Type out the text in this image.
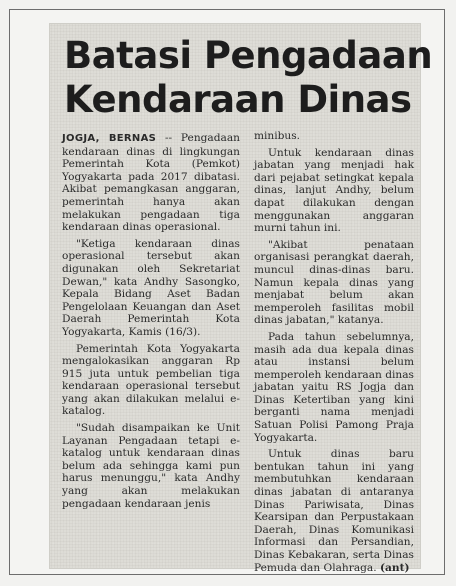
Batasi Pengadaan
Kendaraan Dinas

JOGJA, BERNAS -- Pengadaan kendaraan dinas di lingkungan Pemerintah Kota (Pemkot) Yogyakarta pada 2017 dibatasi. Akibat pemangkasan anggaran, pemerintah hanya akan melakukan pengadaan tiga kendaraan dinas operasional.

"Ketiga kendaraan dinas operasional tersebut akan digunakan oleh Sekretariat Dewan," kata Andhy Sasongko, Kepala Bidang Aset Badan Pengelolaan Keuangan dan Aset Daerah Pemerintah Kota Yogyakarta, Kamis (16/3).

Pemerintah Kota Yogyakarta mengalokasikan anggaran Rp 915 juta untuk pembelian tiga kendaraan operasional tersebut yang akan dilakukan melalui e-katalog.

"Sudah disampaikan ke Unit Layanan Pengadaan tetapi e-katalog untuk kendaraan dinas belum ada sehingga kami pun harus menunggu," kata Andhy yang akan melakukan pengadaan kendaraan jenis

minibus.

Untuk kendaraan dinas jabatan yang menjadi hak dari pejabat setingkat kepala dinas, lanjut Andhy, belum dapat dilakukan dengan menggunakan anggaran murni tahun ini.

"Akibat penataan organisasi perangkat daerah, muncul dinas-dinas baru. Namun kepala dinas yang menjabat belum akan memperoleh fasilitas mobil dinas jabatan," katanya.

Pada tahun sebelumnya, masih ada dua kepala dinas atau instansi belum memperoleh kendaraan dinas jabatan yaitu RS Jogja dan Dinas Ketertiban yang kini berganti nama menjadi Satuan Polisi Pamong Praja Yogyakarta.

Untuk dinas baru bentukan tahun ini yang membutuhkan kendaraan dinas jabatan di antaranya Dinas Pariwisata, Dinas Kearsipan dan Perpustakaan Daerah, Dinas Komunikasi Informasi dan Persandian, Dinas Kebakaran, serta Dinas Pemuda dan Olahraga. (ant)
